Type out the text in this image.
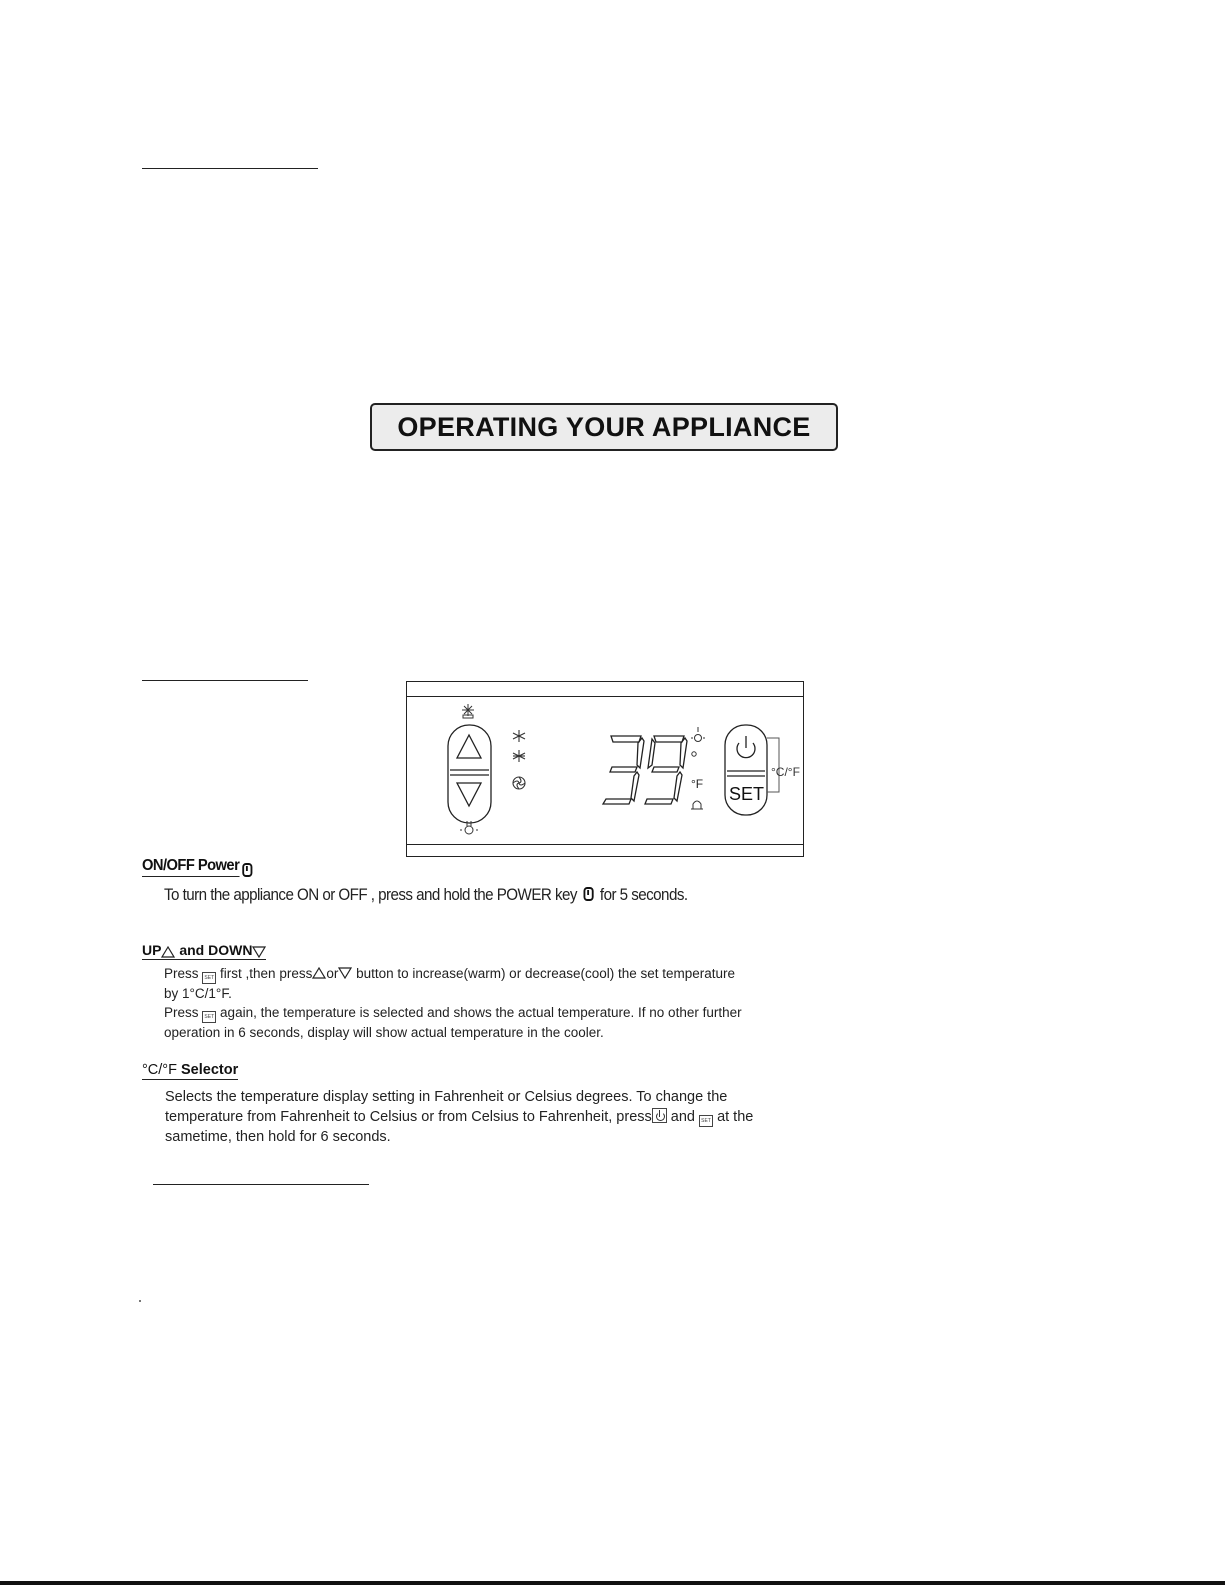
OPERATING YOUR APPLIANCE
°F SET
°C/°F
ON/OFF Power
To turn the appliance ON or OFF , press and hold the POWER key for 5 seconds.
UP
and DOWN
Press SET first ,then press or button to increase(warm) or decrease(cool) the set temperature
by 1°C/1°F.
Press SET again, the temperature is selected and shows the actual temperature. If no other further
operation in 6 seconds, display will show actual temperature in the cooler.
°C/°F
Selector
Selects the temperature display setting in Fahrenheit or Celsius degrees. To change the
temperature from Fahrenheit to Celsius or from Celsius to Fahrenheit, press and SET at the
sametime, then hold for 6 seconds.
